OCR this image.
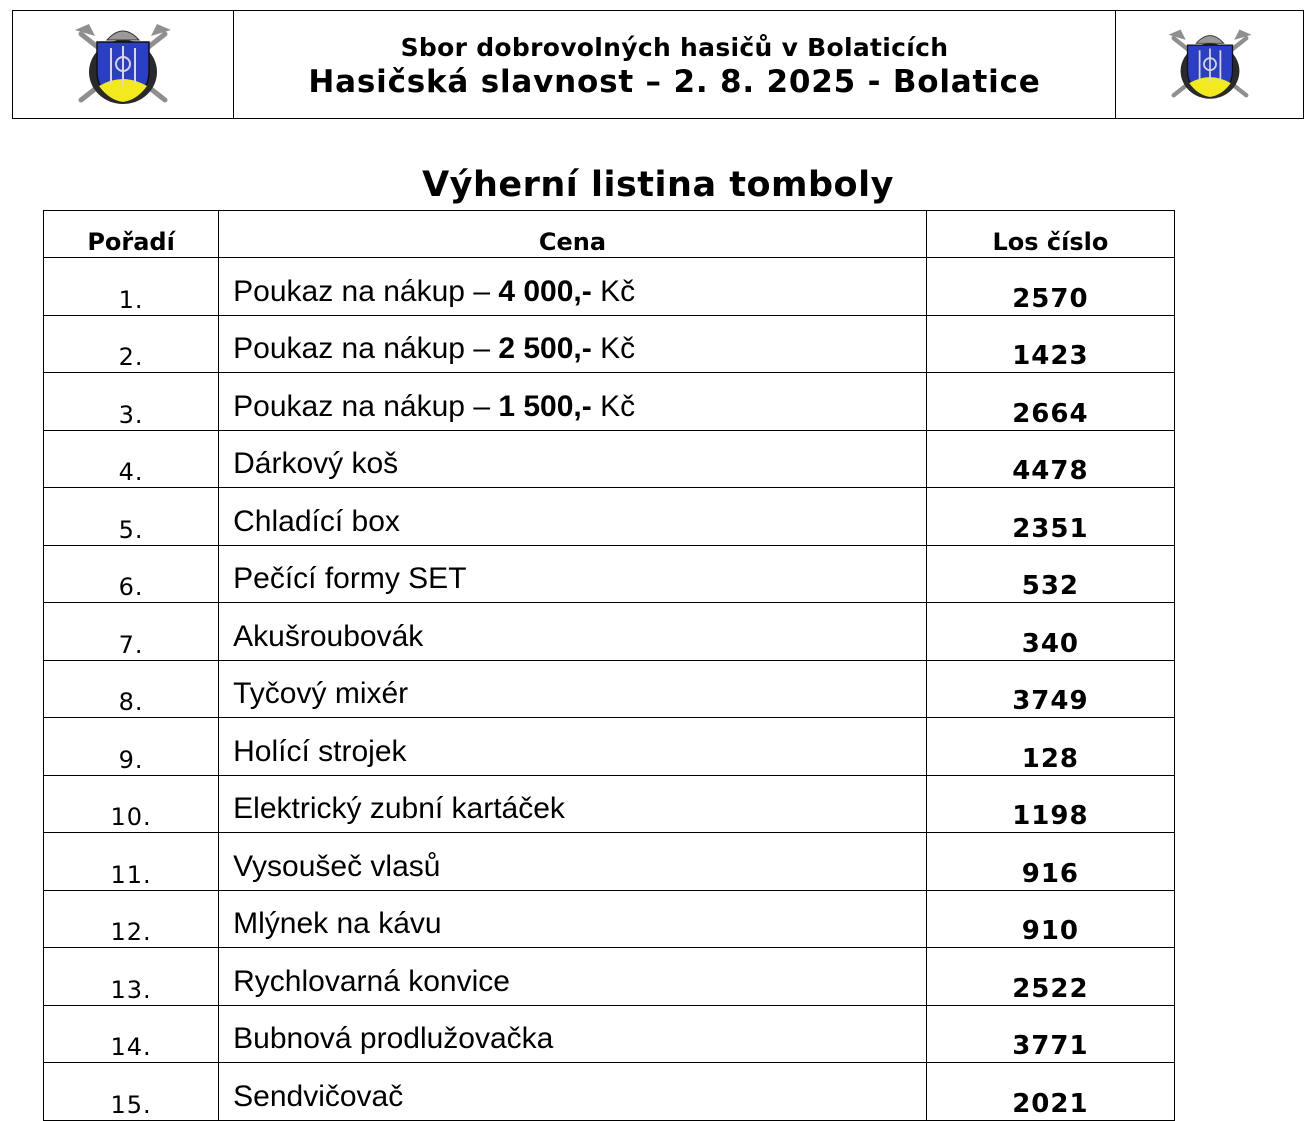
Sbor dobrovolných hasičů v Bolaticích
Hasičská slavnost – 2. 8. 2025 - Bolatice
Výherní listina tomboly
Pořadí	Cena	Los číslo
1.	Poukaz na nákup – 4 000,- Kč	2570
2.	Poukaz na nákup – 2 500,- Kč	1423
3.	Poukaz na nákup – 1 500,- Kč	2664
4.	Dárkový koš	4478
5.	Chladící box	2351
6.	Pečící formy SET	532
7.	Akušroubovák	340
8.	Tyčový mixér	3749
9.	Holící strojek	128
10.	Elektrický zubní kartáček	1198
11.	Vysoušeč vlasů	916
12.	Mlýnek na kávu	910
13.	Rychlovarná konvice	2522
14.	Bubnová prodlužovačka	3771
15.	Sendvičovač	2021
